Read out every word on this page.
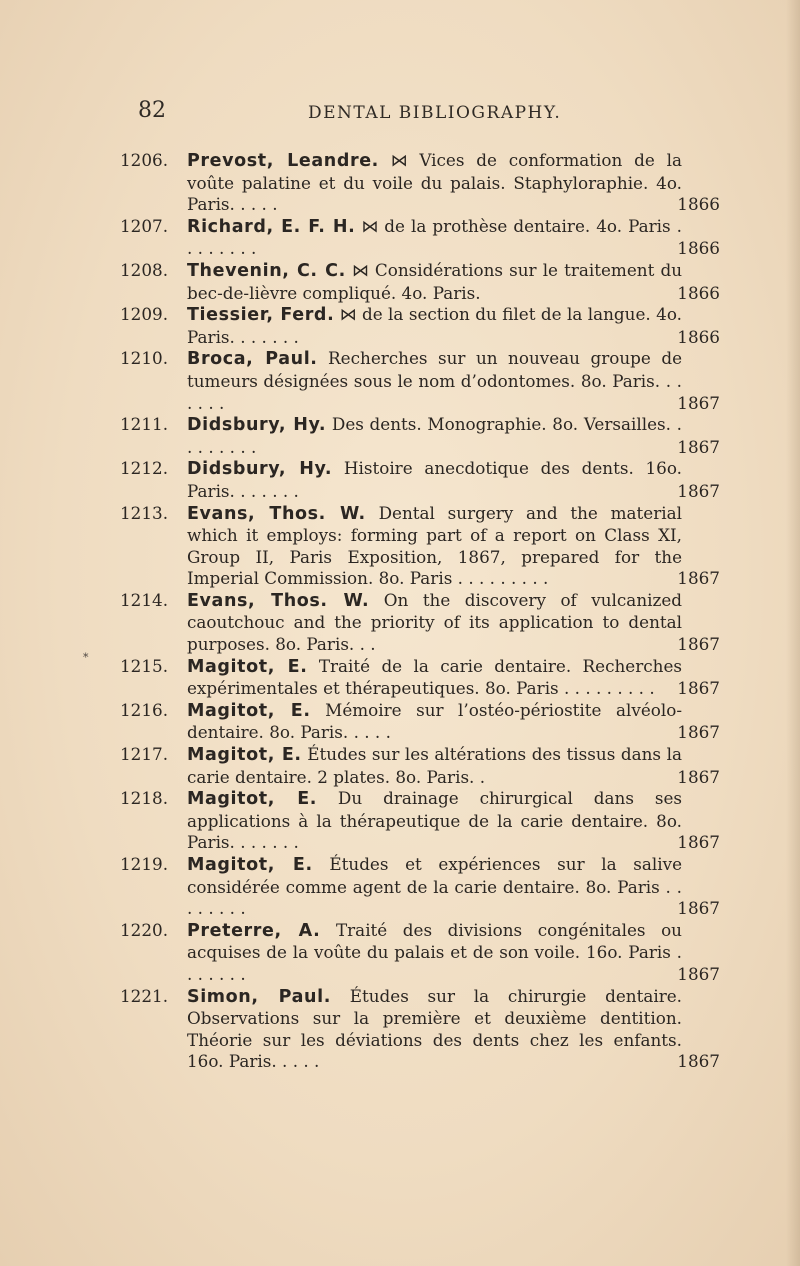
82	DENTAL BIBLIOGRAPHY.
*
1206.	Prevost, Leandre. ⋈ Vices de conformation de la voûte palatine et du voile du palais. Staphyloraphie. 4o. Paris. . . . .	1866
1207.	Richard, E. F. H. ⋈ de la prothèse dentaire. 4o. Paris . . . . . . . .	1866
1208.	Thevenin, C. C. ⋈ Considérations sur le traitement du bec-de-lièvre compliqué. 4o. Paris.	1866
1209.	Tiessier, Ferd. ⋈ de la section du filet de la langue. 4o. Paris. . . . . . .	1866
1210.	Broca, Paul. Recherches sur un nouveau groupe de tumeurs désignées sous le nom d’odontomes. 8o. Paris. . . . . . .	1867
1211.	Didsbury, Hy. Des dents. Monographie. 8o. Versailles. . . . . . . . .	1867
1212.	Didsbury, Hy. Histoire anecdotique des dents. 16o. Paris. . . . . . .	1867
1213.	Evans, Thos. W. Dental surgery and the material which it employs: forming part of a report on Class XI, Group II, Paris Exposition, 1867, prepared for the Imperial Commission. 8o. Paris . . . . . . . . .	1867
1214.	Evans, Thos. W. On the discovery of vulcanized caoutchouc and the priority of its application to dental purposes. 8o. Paris. . .	1867
1215.	Magitot, E. Traité de la carie dentaire. Recherches expérimentales et thérapeutiques. 8o. Paris . . . . . . . . .	1867
1216.	Magitot, E. Mémoire sur l’ostéo-périostite alvéolo-dentaire. 8o. Paris. . . . .	1867
1217.	Magitot, E. Études sur les altérations des tissus dans la carie dentaire. 2 plates. 8o. Paris. .	1867
1218.	Magitot, E. Du drainage chirurgical dans ses applications à la thérapeutique de la carie dentaire. 8o. Paris. . . . . . .	1867
1219.	Magitot, E. Études et expériences sur la salive considérée comme agent de la carie dentaire. 8o. Paris . . . . . . . .	1867
1220.	Preterre, A. Traité des divisions congénitales ou acquises de la voûte du palais et de son voile. 16o. Paris . . . . . . .	1867
1221.	Simon, Paul. Études sur la chirurgie dentaire. Observations sur la première et deuxième dentition. Théorie sur les déviations des dents chez les enfants. 16o. Paris. . . . .	1867
